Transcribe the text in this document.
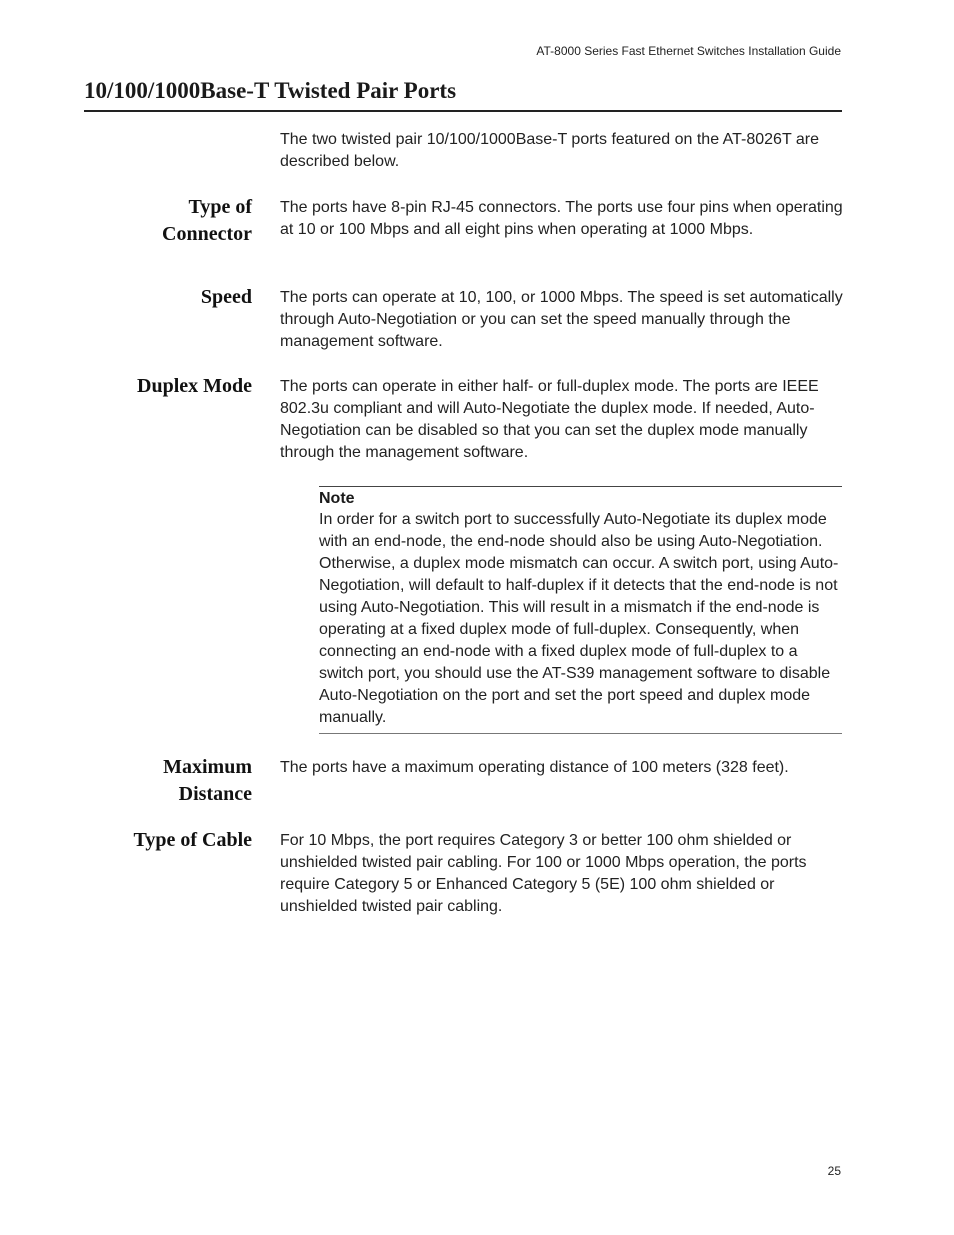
AT-8000 Series Fast Ethernet Switches Installation Guide
10/100/1000Base-T Twisted Pair Ports

The two twisted pair 10/100/1000Base-T ports featured on the AT-8026T are described below.

Type of
Connector

The ports have 8-pin RJ-45 connectors. The ports use four pins when operating at 10 or 100 Mbps and all eight pins when operating at 1000 Mbps.

Speed The ports can operate at 10, 100, or 1000 Mbps. The speed is set automatically through Auto-Negotiation or you can set the speed manually through the management software.

Duplex Mode The ports can operate in either half- or full-duplex mode. The ports are IEEE 802.3u compliant and will Auto-Negotiate the duplex mode. If needed, Auto-Negotiation can be disabled so that you can set the duplex mode manually through the management software.

Note

In order for a switch port to successfully Auto-Negotiate its duplex mode with an end-node, the end-node should also be using Auto-Negotiation. Otherwise, a duplex mode mismatch can occur. A switch port, using Auto-Negotiation, will default to half-duplex if it detects that the end-node is not using Auto-Negotiation. This will result in a mismatch if the end-node is operating at a fixed duplex mode of full-duplex. Consequently, when connecting an end-node with a fixed duplex mode of full-duplex to a switch port, you should use the AT-S39 management software to disable Auto-Negotiation on the port and set the port speed and duplex mode manually.

Maximum
Distance

The ports have a maximum operating distance of 100 meters (328 feet).

Type of Cable For 10 Mbps, the port requires Category 3 or better 100 ohm shielded or unshielded twisted pair cabling. For 100 or 1000 Mbps operation, the ports require Category 5 or Enhanced Category 5 (5E) 100 ohm shielded or unshielded twisted pair cabling.

25
